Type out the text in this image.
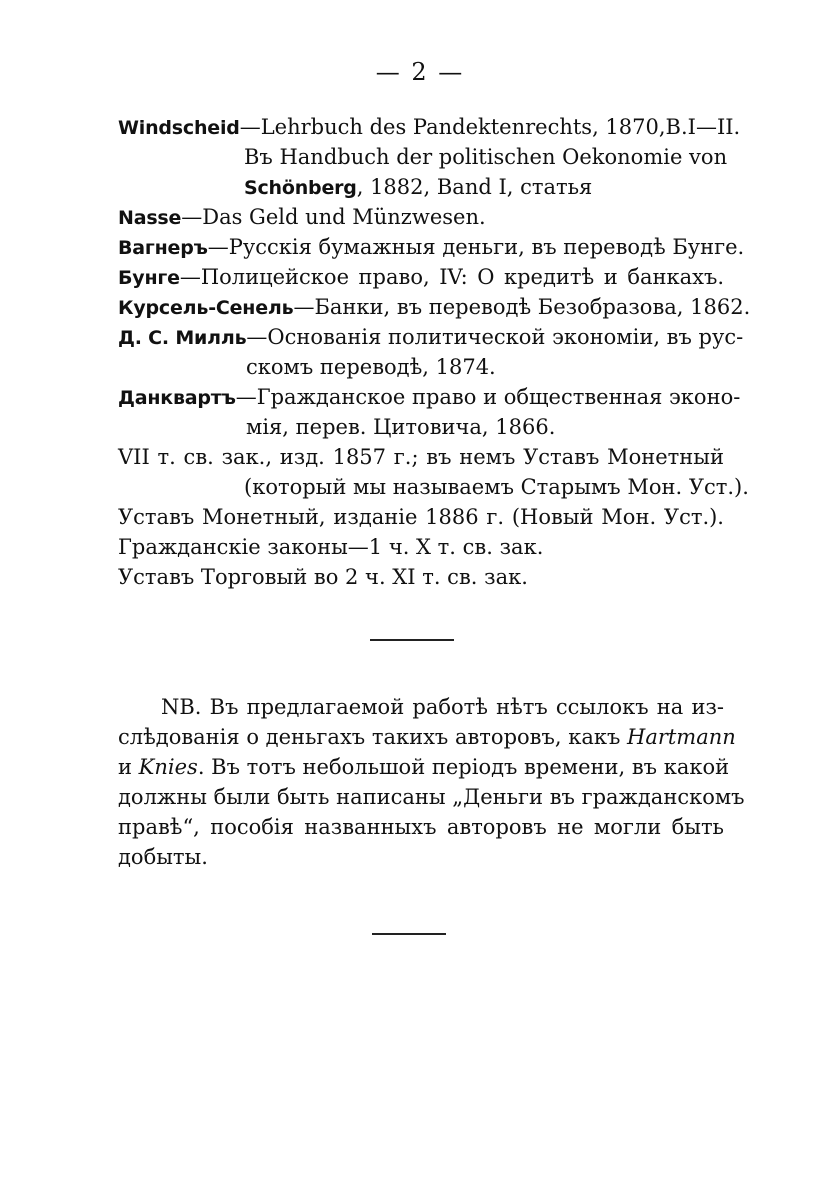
— 2 —
Windscheid—Lehrbuch des Pandektenrechts, 1870,B.I—II.
Въ Handbuch der politischen Oekonomie von
Schönberg, 1882, Band I, статья
Nasse—Das Geld und Münzwesen.
Вагнеръ—Русскія бумажныя деньги, въ переводѣ Бунге.
Бунге—Полицейское право, IV: О кредитѣ и банкахъ.
Курсель-Сенель—Банки, въ переводѣ Безобразова, 1862.
Д. С. Милль—Основанія политической экономіи, въ рус-
скомъ переводѣ, 1874.
Данквартъ—Гражданское право и общественная эконо-
мія, перев. Цитовича, 1866.
VII т. св. зак., изд. 1857 г.; въ немъ Уставъ Монетный
(который мы называемъ Старымъ Мон. Уст.).
Уставъ Монетный, изданіе 1886 г. (Новый Мон. Уст.).
Гражданскіе законы—1 ч. X т. св. зак.
Уставъ Торговый во 2 ч. XI т. св. зак.
NB. Въ предлагаемой работѣ нѣтъ ссылокъ на из-
слѣдованія о деньгахъ такихъ авторовъ, какъ Hartmann
и Knies. Въ тотъ небольшой періодъ времени, въ какой
должны были быть написаны „Деньги въ гражданскомъ
правѣ“, пособія названныхъ авторовъ не могли быть
добыты.
